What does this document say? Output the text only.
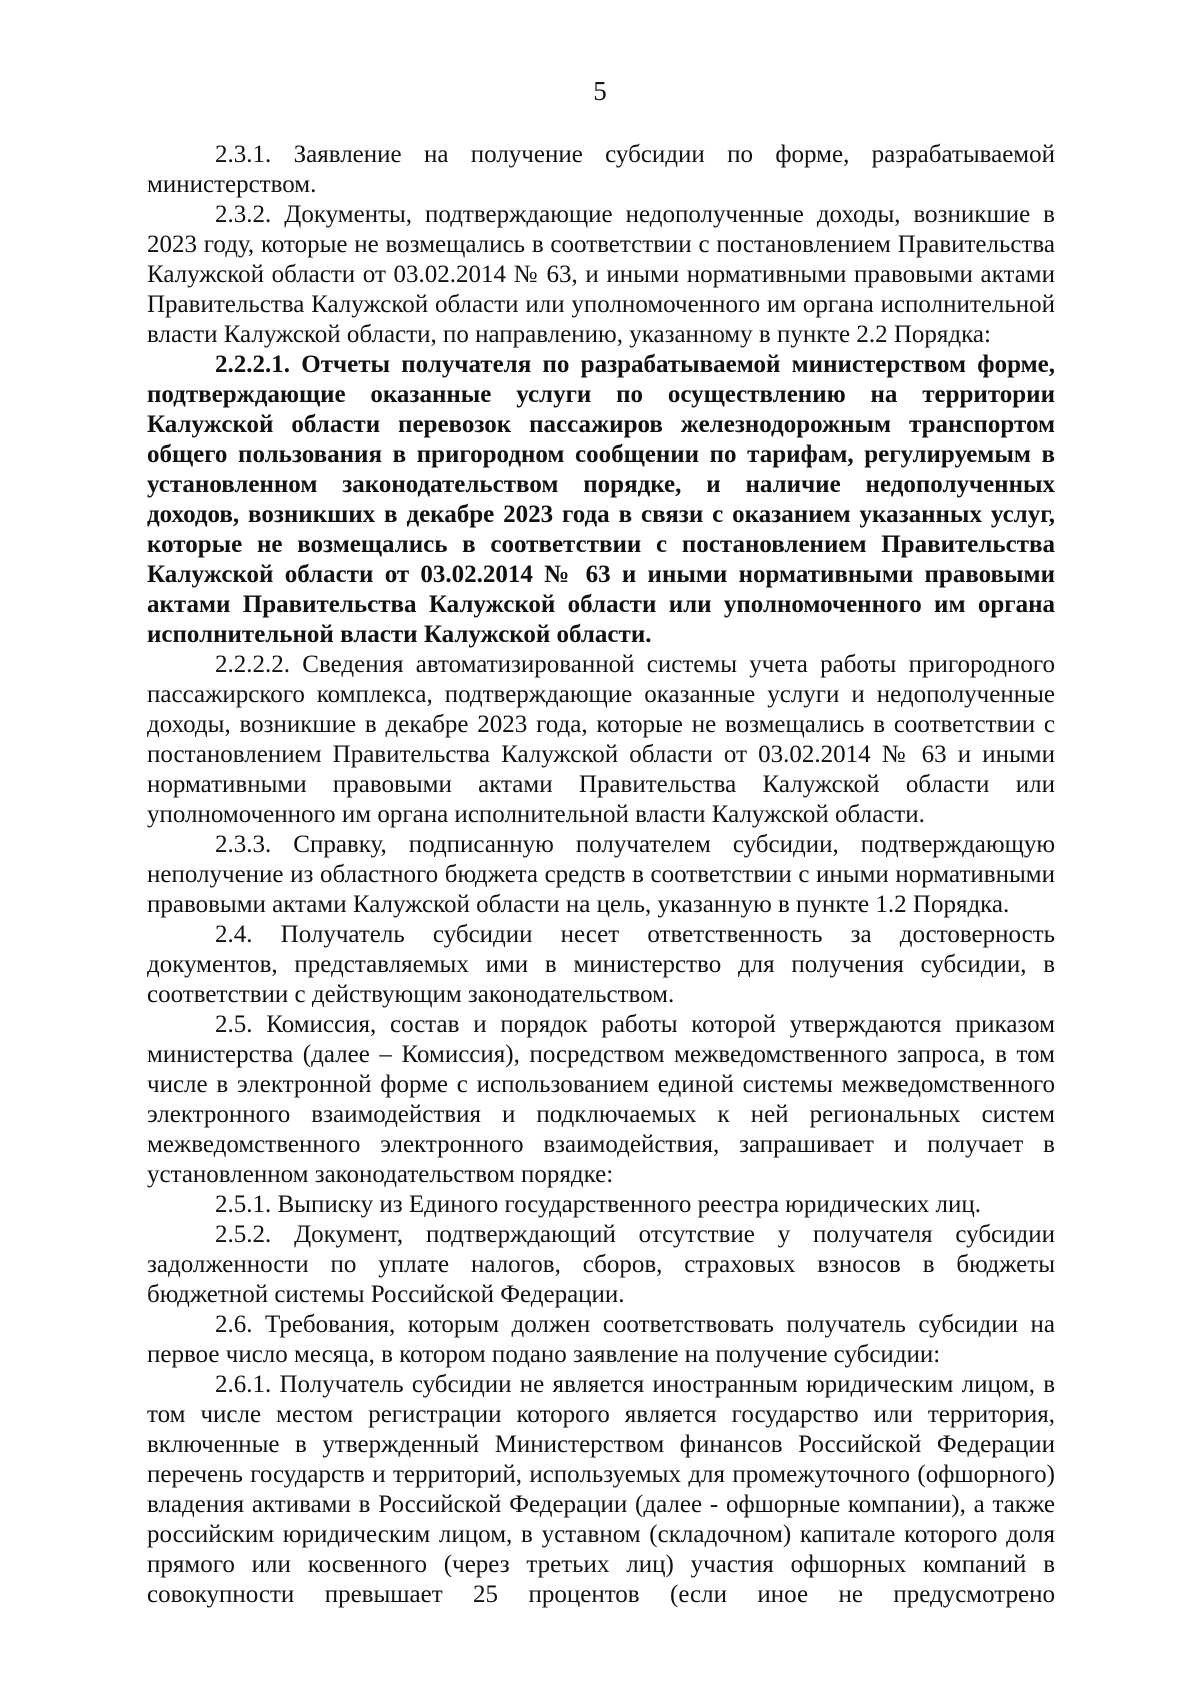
5

2.3.1. Заявление на получение субсидии по форме, разрабатываемой министерством.

2.3.2. Документы, подтверждающие недополученные доходы, возникшие в 2023 году, которые не возмещались в соответствии с постановлением Правительства Калужской области от 03.02.2014 № 63, и иными нормативными правовыми актами Правительства Калужской области или уполномоченного им органа исполнительной власти Калужской области, по направлению, указанному в пункте 2.2 Порядка:

2.2.2.1. Отчеты получателя по разрабатываемой министерством форме, подтверждающие оказанные услуги по осуществлению на территории Калужской области перевозок пассажиров железнодорожным транспортом общего пользования в пригородном сообщении по тарифам, регулируемым в установленном законодательством порядке, и наличие недополученных доходов, возникших в декабре 2023 года в связи с оказанием указанных услуг, которые не возмещались в соответствии с постановлением Правительства Калужской области от 03.02.2014 № 63 и иными нормативными правовыми актами Правительства Калужской области или уполномоченного им органа исполнительной власти Калужской области.

2.2.2.2. Сведения автоматизированной системы учета работы пригородного пассажирского комплекса, подтверждающие оказанные услуги и недополученные доходы, возникшие в декабре 2023 года, которые не возмещались в соответствии с постановлением Правительства Калужской области от 03.02.2014 № 63 и иными нормативными правовыми актами Правительства Калужской области или уполномоченного им органа исполнительной власти Калужской области.

2.3.3. Справку, подписанную получателем субсидии, подтверждающую неполучение из областного бюджета средств в соответствии с иными нормативными правовыми актами Калужской области на цель, указанную в пункте 1.2 Порядка.

2.4. Получатель субсидии несет ответственность за достоверность документов, представляемых ими в министерство для получения субсидии, в соответствии с действующим законодательством.

2.5. Комиссия, состав и порядок работы которой утверждаются приказом министерства (далее – Комиссия), посредством межведомственного запроса, в том числе в электронной форме с использованием единой системы межведомственного электронного взаимодействия и подключаемых к ней региональных систем межведомственного электронного взаимодействия, запрашивает и получает в установленном законодательством порядке:

2.5.1. Выписку из Единого государственного реестра юридических лиц.

2.5.2. Документ, подтверждающий отсутствие у получателя субсидии задолженности по уплате налогов, сборов, страховых взносов в бюджеты бюджетной системы Российской Федерации.

2.6. Требования, которым должен соответствовать получатель субсидии на первое число месяца, в котором подано заявление на получение субсидии:

2.6.1. Получатель субсидии не является иностранным юридическим лицом, в том числе местом регистрации которого является государство или территория, включенные в утвержденный Министерством финансов Российской Федерации перечень государств и территорий, используемых для промежуточного (офшорного) владения активами в Российской Федерации (далее - офшорные компании), а также российским юридическим лицом, в уставном (складочном) капитале которого доля прямого или косвенного (через третьих лиц) участия офшорных компаний в совокупности превышает 25 процентов (если иное не предусмотрено
